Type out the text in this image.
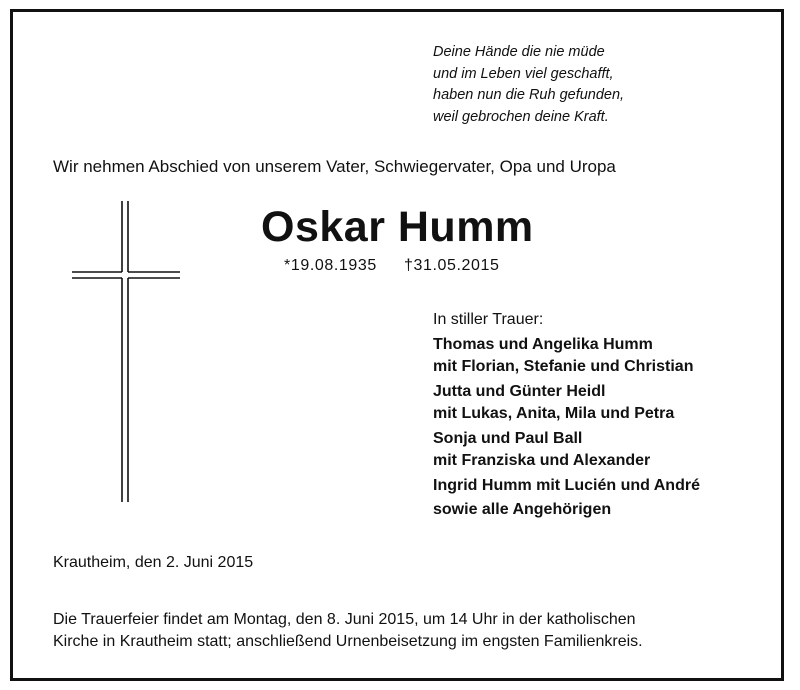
Deine Hände die nie müde
und im Leben viel geschafft,
haben nun die Ruh gefunden,
weil gebrochen deine Kraft.
Wir nehmen Abschied von unserem Vater, Schwiegervater, Opa und Uropa
Oskar Humm
*19.08.1935 †31.05.2015
In stiller Trauer:
Thomas und Angelika Humm
mit Florian, Stefanie und Christian
Jutta und Günter Heidl
mit Lukas, Anita, Mila und Petra
Sonja und Paul Ball
mit Franziska und Alexander
Ingrid Humm mit Lucién und André
sowie alle Angehörigen
Krautheim, den 2. Juni 2015
Die Trauerfeier findet am Montag, den 8. Juni 2015, um 14 Uhr in der katholischen
Kirche in Krautheim statt; anschließend Urnenbeisetzung im engsten Familienkreis.
